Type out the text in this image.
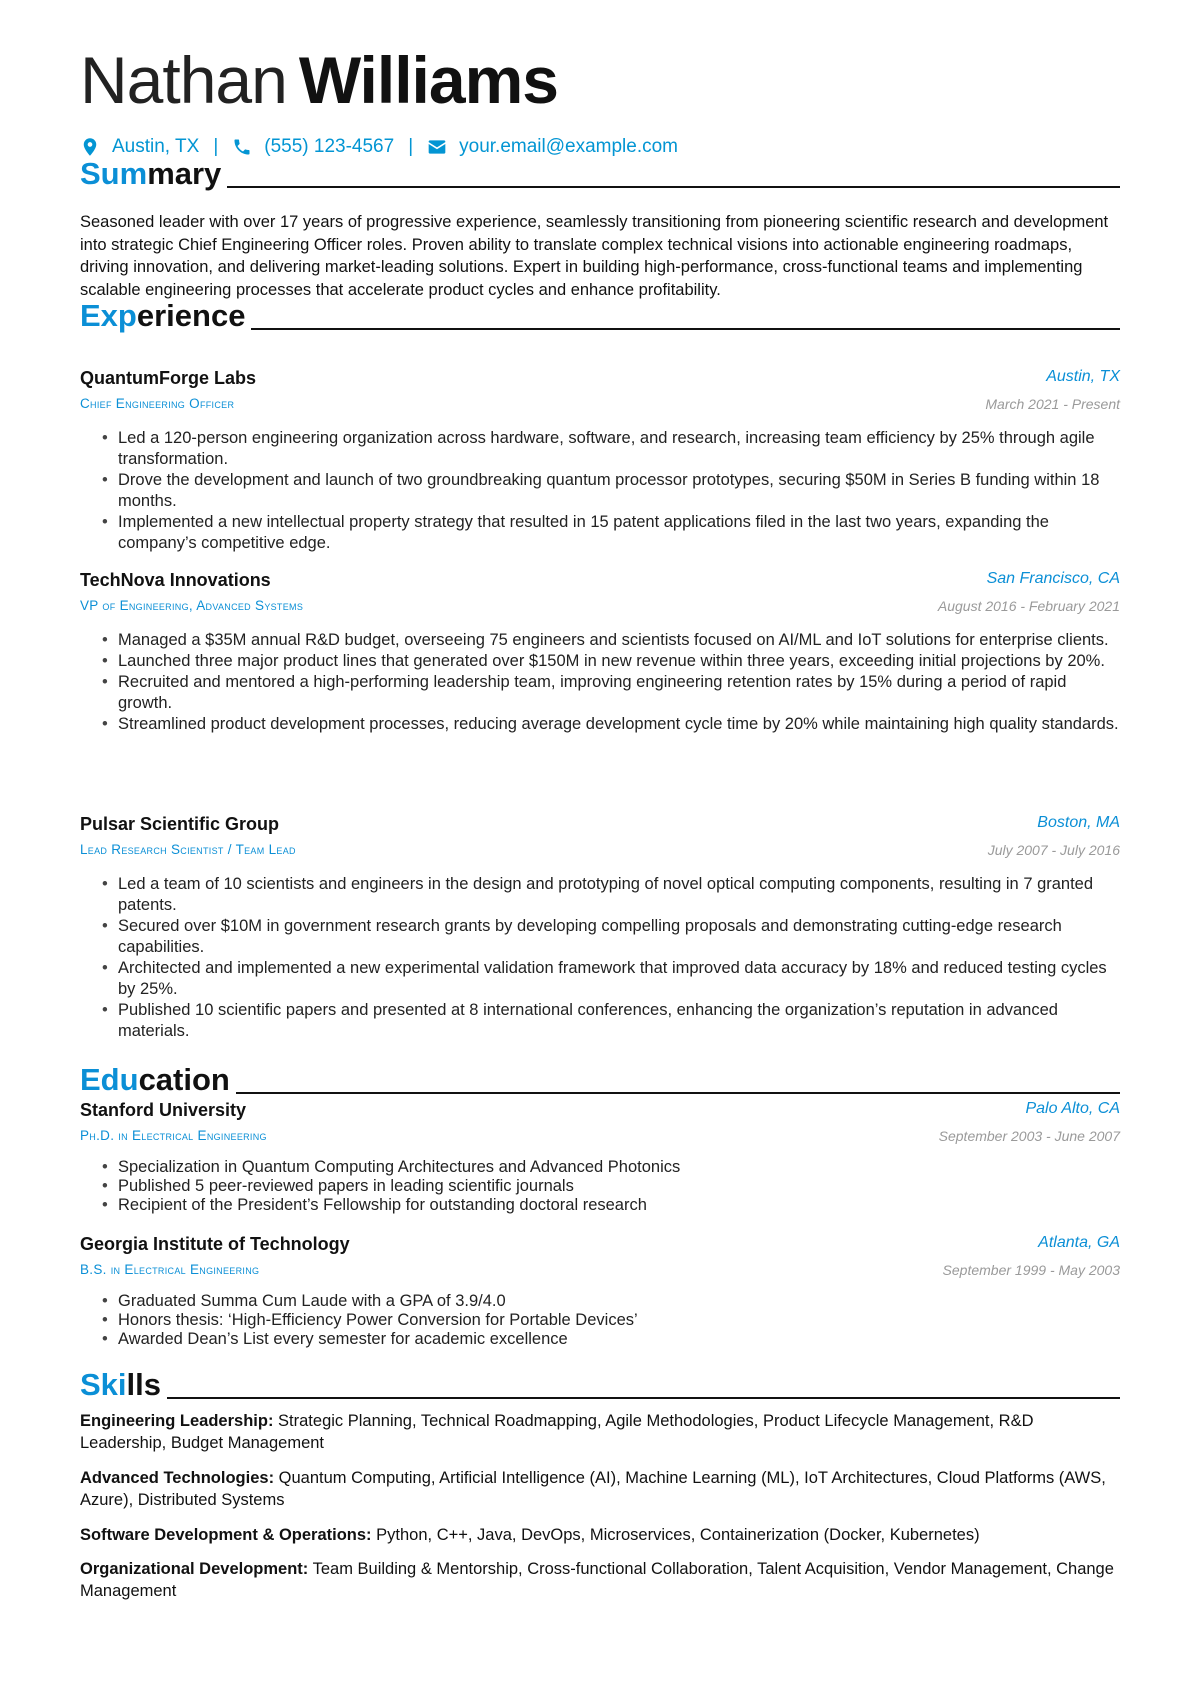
Nathan Williams
Austin, TX | (555) 123-4567 | your.email@example.com
Summary
Seasoned leader with over 17 years of progressive experience, seamlessly transitioning from pioneering scientific research and development into strategic Chief Engineering Officer roles. Proven ability to translate complex technical visions into actionable engineering roadmaps, driving innovation, and delivering market-leading solutions. Expert in building high-performance, cross-functional teams and implementing scalable engineering processes that accelerate product cycles and enhance profitability.
Experience
QuantumForge Labs	Austin, TX
Chief Engineering Officer	March 2021 - Present
• Led a 120-person engineering organization across hardware, software, and research, increasing team efficiency by 25% through agile transformation.
• Drove the development and launch of two groundbreaking quantum processor prototypes, securing $50M in Series B funding within 18 months.
• Implemented a new intellectual property strategy that resulted in 15 patent applications filed in the last two years, expanding the company’s competitive edge.
TechNova Innovations	San Francisco, CA
VP of Engineering, Advanced Systems	August 2016 - February 2021
• Managed a $35M annual R&D budget, overseeing 75 engineers and scientists focused on AI/ML and IoT solutions for enterprise clients.
• Launched three major product lines that generated over $150M in new revenue within three years, exceeding initial projections by 20%.
• Recruited and mentored a high-performing leadership team, improving engineering retention rates by 15% during a period of rapid growth.
• Streamlined product development processes, reducing average development cycle time by 20% while maintaining high quality standards.
Pulsar Scientific Group	Boston, MA
Lead Research Scientist / Team Lead	July 2007 - July 2016
• Led a team of 10 scientists and engineers in the design and prototyping of novel optical computing components, resulting in 7 granted patents.
• Secured over $10M in government research grants by developing compelling proposals and demonstrating cutting-edge research capabilities.
• Architected and implemented a new experimental validation framework that improved data accuracy by 18% and reduced testing cycles by 25%.
• Published 10 scientific papers and presented at 8 international conferences, enhancing the organization’s reputation in advanced materials.
Education
Stanford University	Palo Alto, CA
Ph.D. in Electrical Engineering	September 2003 - June 2007
• Specialization in Quantum Computing Architectures and Advanced Photonics
• Published 5 peer-reviewed papers in leading scientific journals
• Recipient of the President’s Fellowship for outstanding doctoral research
Georgia Institute of Technology	Atlanta, GA
B.S. in Electrical Engineering	September 1999 - May 2003
• Graduated Summa Cum Laude with a GPA of 3.9/4.0
• Honors thesis: ‘High-Efficiency Power Conversion for Portable Devices’
• Awarded Dean’s List every semester for academic excellence
Skills
Engineering Leadership: Strategic Planning, Technical Roadmapping, Agile Methodologies, Product Lifecycle Management, R&D Leadership, Budget Management
Advanced Technologies: Quantum Computing, Artificial Intelligence (AI), Machine Learning (ML), IoT Architectures, Cloud Platforms (AWS, Azure), Distributed Systems
Software Development & Operations: Python, C++, Java, DevOps, Microservices, Containerization (Docker, Kubernetes)
Organizational Development: Team Building & Mentorship, Cross-functional Collaboration, Talent Acquisition, Vendor Management, Change Management
